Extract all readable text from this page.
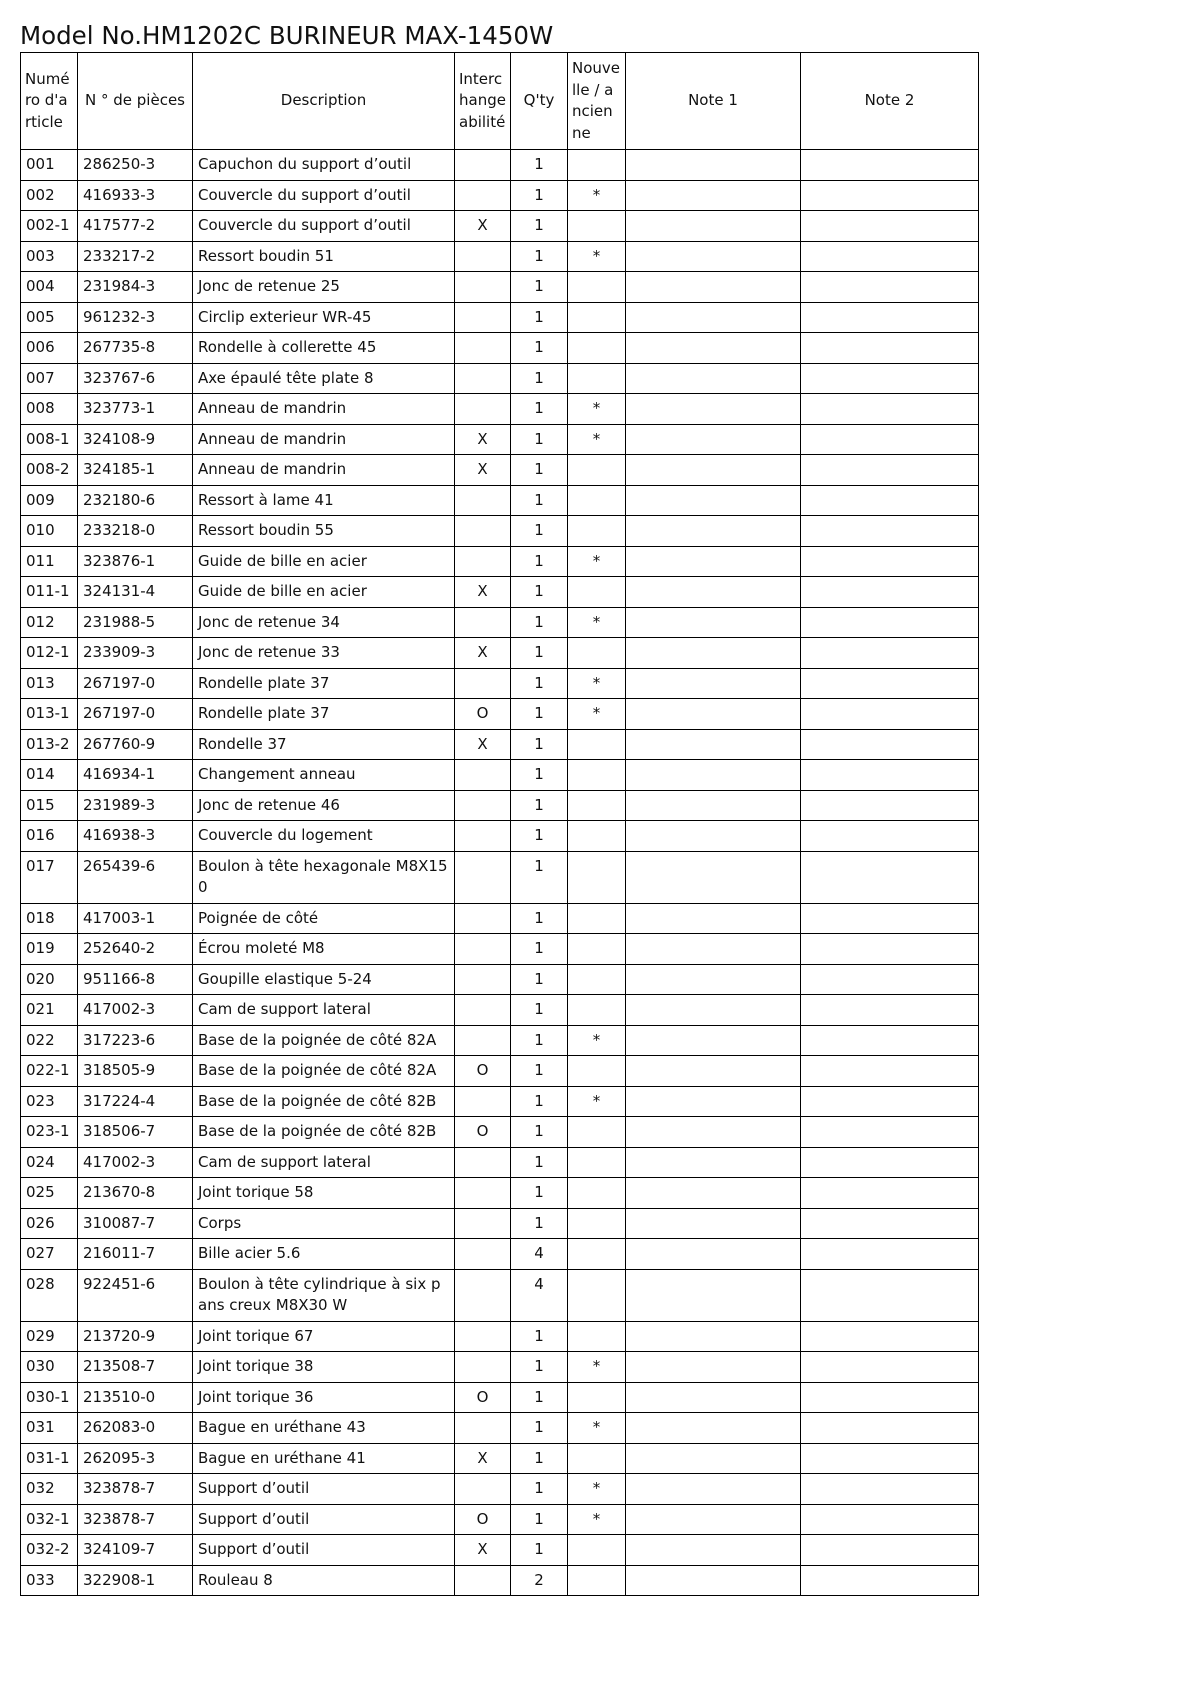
Model No.HM1202C BURINEUR MAX-1450W
Numéro d'article	N ° de pièces	Description	Interchangeabilité	Q'ty	Nouvelle / ancienne	Note 1	Note 2
001	286250-3	Capuchon du support d’outil		1			
002	416933-3	Couvercle du support d’outil		1	*		
002-1	417577-2	Couvercle du support d’outil	X	1			
003	233217-2	Ressort boudin 51		1	*		
004	231984-3	Jonc de retenue 25		1			
005	961232-3	Circlip exterieur WR-45		1			
006	267735-8	Rondelle à collerette 45		1			
007	323767-6	Axe épaulé tête plate 8		1			
008	323773-1	Anneau de mandrin		1	*		
008-1	324108-9	Anneau de mandrin	X	1	*		
008-2	324185-1	Anneau de mandrin	X	1			
009	232180-6	Ressort à lame 41		1			
010	233218-0	Ressort boudin 55		1			
011	323876-1	Guide de bille en acier		1	*		
011-1	324131-4	Guide de bille en acier	X	1			
012	231988-5	Jonc de retenue 34		1	*		
012-1	233909-3	Jonc de retenue 33	X	1			
013	267197-0	Rondelle plate 37		1	*		
013-1	267197-0	Rondelle plate 37	O	1	*		
013-2	267760-9	Rondelle 37	X	1			
014	416934-1	Changement anneau		1			
015	231989-3	Jonc de retenue 46		1			
016	416938-3	Couvercle du logement		1			
017	265439-6	Boulon à tête hexagonale M8X150		1			
018	417003-1	Poignée de côté		1			
019	252640-2	Écrou moleté M8		1			
020	951166-8	Goupille elastique 5-24		1			
021	417002-3	Cam de support lateral		1			
022	317223-6	Base de la poignée de côté 82A		1	*		
022-1	318505-9	Base de la poignée de côté 82A	O	1			
023	317224-4	Base de la poignée de côté 82B		1	*		
023-1	318506-7	Base de la poignée de côté 82B	O	1			
024	417002-3	Cam de support lateral		1			
025	213670-8	Joint torique 58		1			
026	310087-7	Corps		1			
027	216011-7	Bille acier 5.6		4			
028	922451-6	Boulon à tête cylindrique à six pans creux M8X30 W		4			
029	213720-9	Joint torique 67		1			
030	213508-7	Joint torique 38		1	*		
030-1	213510-0	Joint torique 36	O	1			
031	262083-0	Bague en uréthane 43		1	*		
031-1	262095-3	Bague en uréthane 41	X	1			
032	323878-7	Support d’outil		1	*		
032-1	323878-7	Support d’outil	O	1	*		
032-2	324109-7	Support d’outil	X	1			
033	322908-1	Rouleau 8		2			
